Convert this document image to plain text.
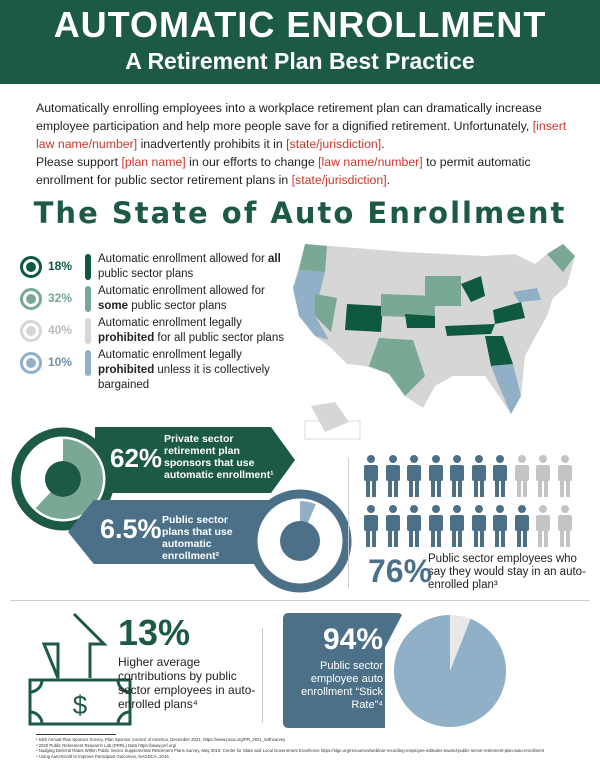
AUTOMATIC ENROLLMENT
A Retirement Plan Best Practice

Automatically enrolling employees into a workplace retirement plan can dramatically increase employee participation and help more people save for a dignified retirement. Unfortunately, [insert law name/number] inadvertently prohibits it in [state/jurisdiction].

Please support [plan name] in our efforts to change [law name/number] to permit automatic enrollment for public sector retirement plans in [state/jurisdiction].

The State of Auto Enrollment
18% Automatic enrollment allowed for all public sector plans
32% Automatic enrollment allowed for some public sector plans
40% Automatic enrollment legally prohibited for all public sector plans
10% Automatic enrollment legally prohibited unless it is collectively bargained
62%
Private sector retirement plan sponsors that use automatic enrollment¹
6.5% Public sector plans that use automatic enrollment²	76%
Public sector employees who say they would stay in an auto-enrolled plan³
$
13%
Higher average contributions by public sector employees in auto-enrolled plans⁴
94%
Public sector employee auto enrollment “Stick Rate”⁴
¹ 64th Annual Plan Sponsor Survey, Plan Sponsor Council of America, December 2021. https://www.psca.org/PR_2021_64thsurvey
² 2020 Public Retirement Research Lab (PRRL) Data https://www.prrl.org/
³ Nudging Deferral Rates Within Public Sector Supplemental Retirement Plans Survey, May 2019, Center for State and Local Government Excellence https://slge.org/resources/webinar-recording-employee-attitudes-toward-public-sector-retirement-plan-auto-enrollment
⁴ Using Auto-Enroll to Improve Participant Outcomes, NAGDCA, 2016
